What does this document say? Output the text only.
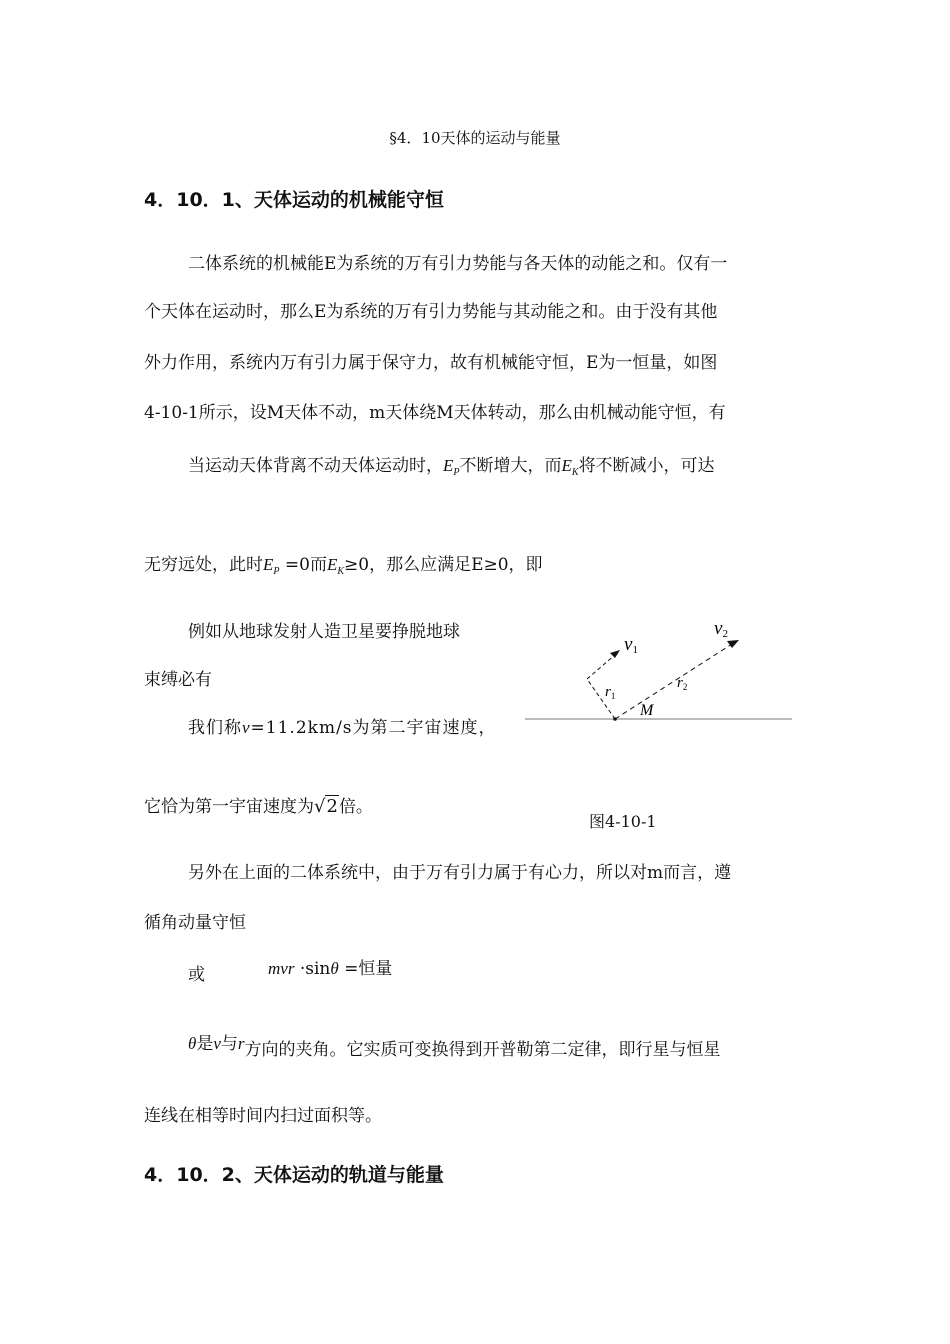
§4．10天体的运动与能量
4．10．1、天体运动的机械能守恒
二体系统的机械能E为系统的万有引力势能与各天体的动能之和。仅有一
个天体在运动时，那么E为系统的万有引力势能与其动能之和。由于没有其他
外力作用，系统内万有引力属于保守力，故有机械能守恒，E为一恒量，如图
4-10-1所示，设M天体不动，m天体绕M天体转动，那么由机械动能守恒，有
当运动天体背离不动天体运动时，$E_P$不断增大，而$E_K$将不断减小，可达
无穷远处，此时$E_P =0$而$E_K\ge 0$，那么应满足E≥0，即
例如从地球发射人造卫星要挣脱地球
束缚必有
我们称v=11.2km/s为第二宇宙速度，
它恰为第一宇宙速度为√2倍。
图4-10-1
另外在上面的二体系统中，由于万有引力属于有心力，所以对m而言，遵
循角动量守恒
或	mvr ·sinθ =恒量
θ是v与r方向的夹角。它实质可变换得到开普勒第二定律，即行星与恒星
连线在相等时间内扫过面积等。
4．10．2、天体运动的轨道与能量
v1
v2
$r_1$
$r_2$
M
